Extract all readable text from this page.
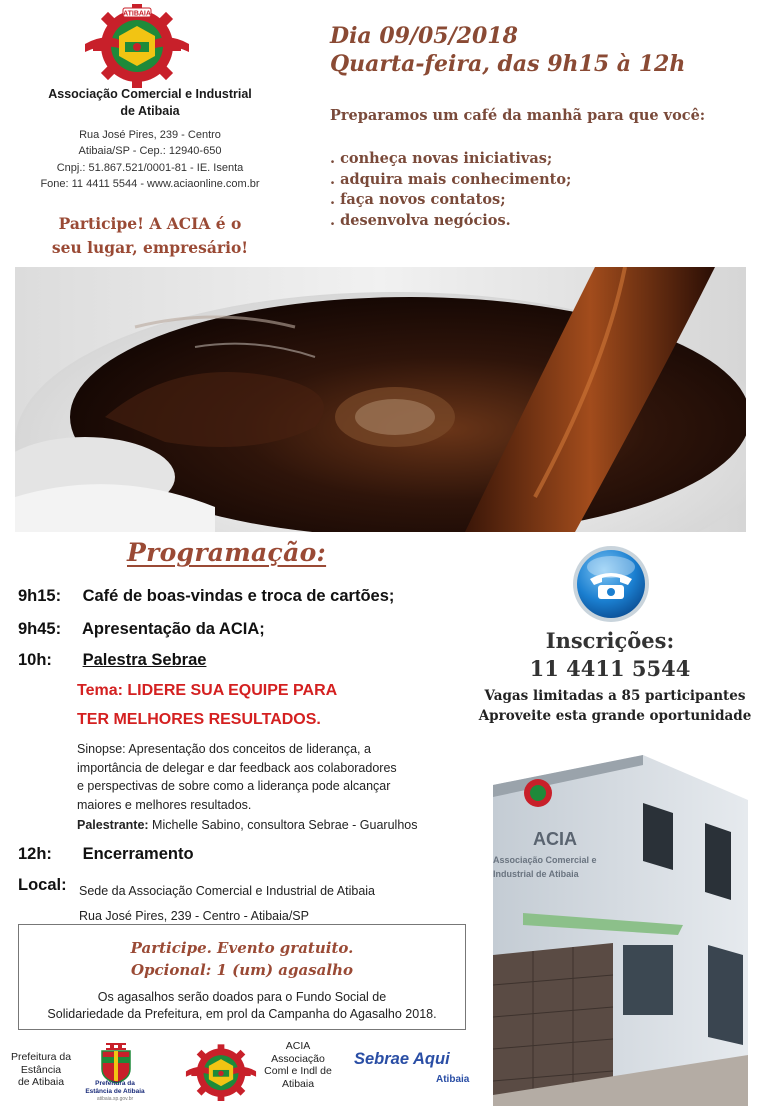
ATIBAIA
Associação Comercial e Industrial
de Atibaia
Rua José Pires, 239 - Centro
Atibaia/SP - Cep.: 12940-650
Cnpj.: 51.867.521/0001-81 - IE. Isenta
Fone: 11 4411 5544 - www.aciaonline.com.br
Participe! A ACIA é o
seu lugar, empresário!
Dia 09/05/2018
Quarta-feira, das 9h15 à 12h
Preparamos um café da manhã para que você:
. conheça novas iniciativas;
. adquira mais conhecimento;
. faça novos contatos;
. desenvolva negócios.
Programação:
9h15: Café de boas-vindas e troca de cartões;
9h45: Apresentação da ACIA;
10h: Palestra Sebrae
Tema: LIDERE SUA EQUIPE PARA
TER MELHORES RESULTADOS.
Sinopse: Apresentação dos conceitos de liderança, a
importância de delegar e dar feedback aos colaboradores
e perspectivas de sobre como a liderança pode alcançar
maiores e melhores resultados.
Palestrante: Michelle Sabino, consultora Sebrae - Guarulhos
12h: Encerramento
Local: Sede da Associação Comercial e Industrial de Atibaia
Rua José Pires, 239 - Centro - Atibaia/SP
Participe. Evento gratuito.
Opcional: 1 (um) agasalho
Os agasalhos serão doados para o Fundo Social de
Solidariedade da Prefeitura, em prol da Campanha do Agasalho 2018.
Inscrições:
11 4411 5544
Vagas limitadas a 85 participantes
Aproveite esta grande oportunidade
ACIA
Associação Comercial e
Industrial de Atibaia
Prefeitura da
Estância
de Atibaia	Prefeitura da
Estância de Atibaia
atibaia.sp.gov.br
ACIA
Associação
Coml e Indl de
Atibaia
Sebrae Aqui
Atibaia
